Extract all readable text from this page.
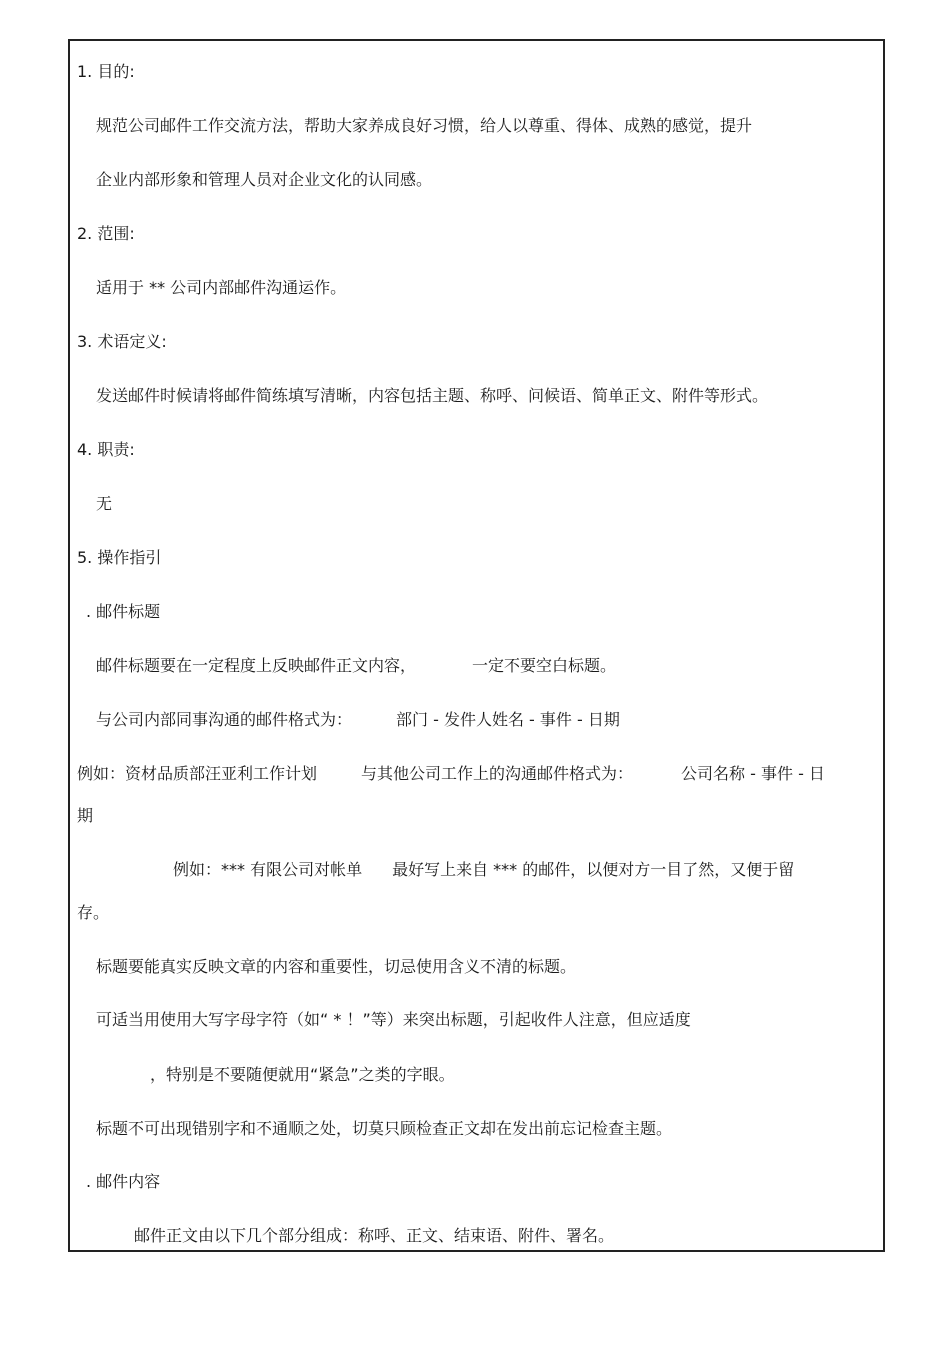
1. 目的:
规范公司邮件工作交流方法，帮助大家养成良好习惯，给人以尊重、得体、成熟的感觉，提升
企业内部形象和管理人员对企业文化的认同感。
2. 范围:
适用于 ** 公司内部邮件沟通运作。
3. 术语定义:
发送邮件时候请将邮件简练填写清晰，内容包括主题、称呼、问候语、简单正文、附件等形式。
4. 职责:
无
5. 操作指引
. 邮件标题
邮件标题要在一定程度上反映邮件正文内容，	一定不要空白标题。
与公司内部同事沟通的邮件格式为：	部门 - 发件人姓名 - 事件 - 日期
例如：资材品质部汪亚利工作计划	与其他公司工作上的沟通邮件格式为：	公司名称 - 事件 - 日
期
例如：*** 有限公司对帐单 最好写上来自 *** 的邮件，以便对方一目了然，又便于留
存。
标题要能真实反映文章的内容和重要性，切忌使用含义不清的标题。
可适当用使用大写字母字符（如“ * ！”等）来突出标题，引起收件人注意，但应适度
，特别是不要随便就用“紧急”之类的字眼。
标题不可出现错别字和不通顺之处，切莫只顾检查正文却在发出前忘记检查主题。
. 邮件内容
邮件正文由以下几个部分组成：称呼、正文、结束语、附件、署名。
